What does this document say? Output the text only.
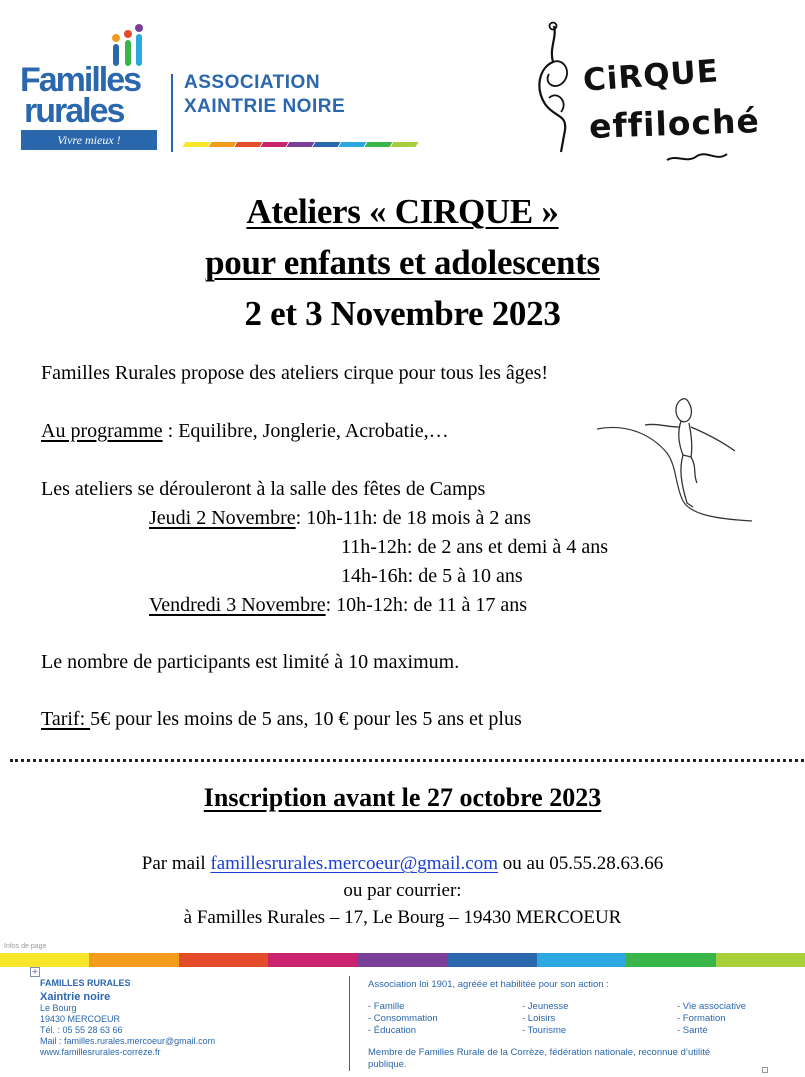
Familles
rurales
Vivre mieux !
ASSOCIATION
XAINTRIE NOIRE
CiRQUE
effiloché
Ateliers « CIRQUE »
pour enfants et adolescents
2 et 3 Novembre 2023
Familles Rurales propose des ateliers cirque pour tous les âges!
Au programme : Equilibre, Jonglerie, Acrobatie,…
Les ateliers se dérouleront à la salle des fêtes de Camps
Jeudi 2 Novembre: 10h-11h: de 18 mois à 2 ans
11h-12h: de 2 ans et demi à 4 ans
14h-16h: de 5 à 10 ans
Vendredi 3 Novembre: 10h-12h: de 11 à 17 ans
Le nombre de participants est limité à 10 maximum.
Tarif: 5€ pour les moins de 5 ans, 10 € pour les 5 ans et plus
Inscription avant le 27 octobre 2023
Par mail famillesrurales.mercoeur@gmail.com ou au 05.55.28.63.66
ou par courrier:
à Familles Rurales – 17, Le Bourg – 19430 MERCOEUR
Infos de page
+
FAMILLES RURALES
Xaintrie noire
Le Bourg
19430 MERCOEUR
Tél. : 05 55 28 63 66
Mail : familles.rurales.mercoeur@gmail.com
www.famillesrurales-correze.fr
Association loi 1901, agréée et habilitée pour son action :
- Famille
- Consommation
- Éducation
- Jeunesse
- Loisirs
- Tourisme
- Vie associative
- Formation
- Santé
Membre de Familles Rurale de la Corrèze, fédération nationale, reconnue d’utilité
publique.
